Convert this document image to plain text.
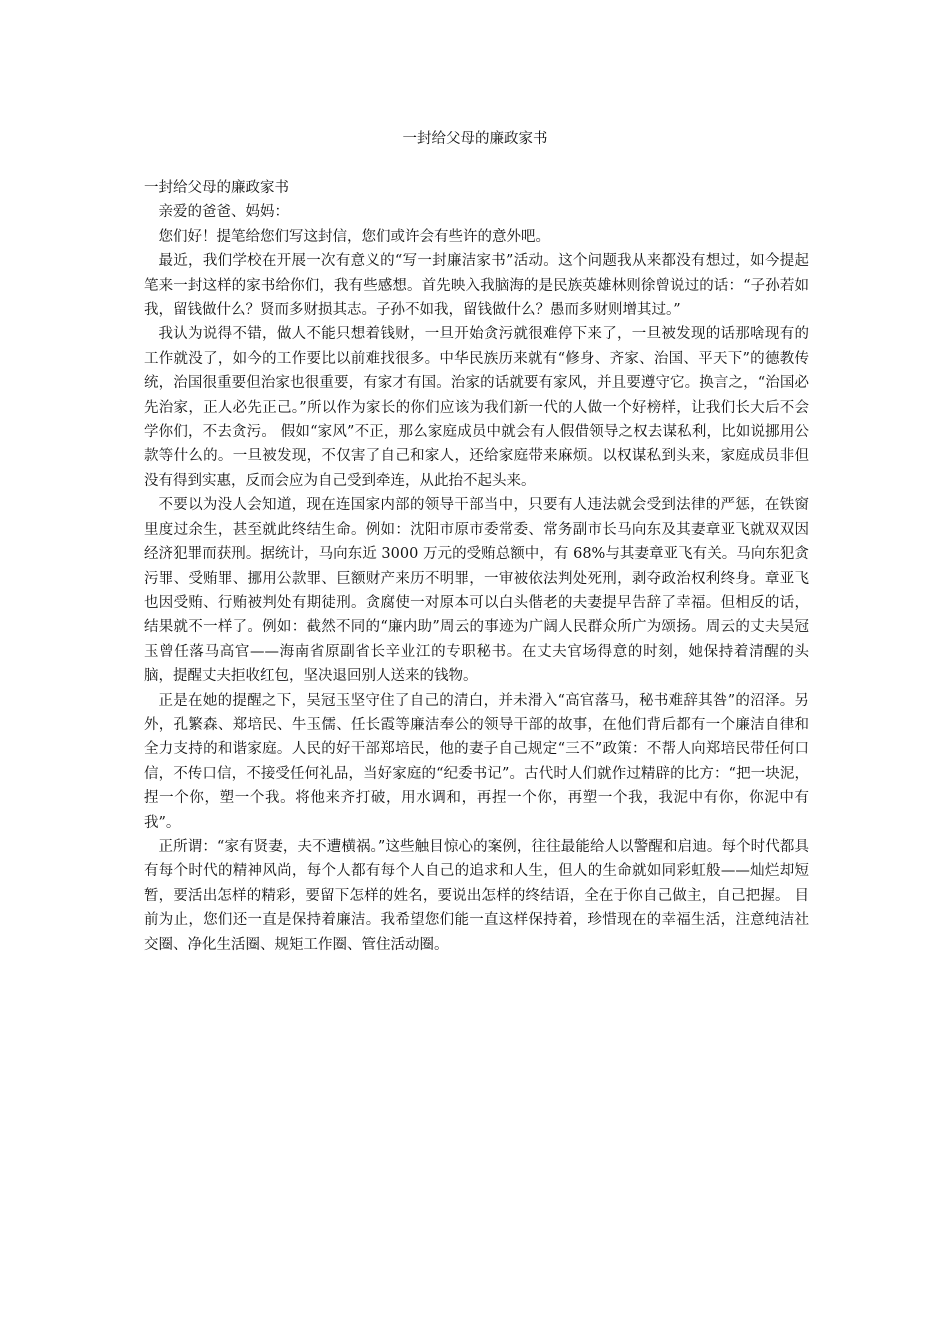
一封给父母的廉政家书

一封给父母的廉政家书

亲爱的爸爸、妈妈：

您们好！提笔给您们写这封信，您们或许会有些许的意外吧。

最近，我们学校在开展一次有意义的“写一封廉洁家书”活动。这个问题我从来都没有想过，如今提起笔来一封这样的家书给你们，我有些感想。首先映入我脑海的是民族英雄林则徐曾说过的话：“子孙若如我，留钱做什么？贤而多财损其志。子孙不如我，留钱做什么？愚而多财则增其过。”

我认为说得不错，做人不能只想着钱财，一旦开始贪污就很难停下来了，一旦被发现的话那啥现有的工作就没了，如今的工作要比以前难找很多。中华民族历来就有“修身、齐家、治国、平天下”的德教传统，治国很重要但治家也很重要，有家才有国。治家的话就要有家风，并且要遵守它。换言之，“治国必先治家，正人必先正己。”所以作为家长的你们应该为我们新一代的人做一个好榜样，让我们长大后不会学你们，不去贪污。 假如“家风”不正，那么家庭成员中就会有人假借领导之权去谋私利，比如说挪用公款等什么的。一旦被发现，不仅害了自己和家人，还给家庭带来麻烦。以权谋私到头来，家庭成员非但没有得到实惠，反而会应为自己受到牵连，从此抬不起头来。

不要以为没人会知道，现在连国家内部的领导干部当中，只要有人违法就会受到法律的严惩，在铁窗里度过余生，甚至就此终结生命。例如：沈阳市原市委常委、常务副市长马向东及其妻章亚飞就双双因经济犯罪而获刑。据统计，马向东近 3000 万元的受贿总额中，有 68%与其妻章亚飞有关。马向东犯贪污罪、受贿罪、挪用公款罪、巨额财产来历不明罪，一审被依法判处死刑，剥夺政治权利终身。章亚飞也因受贿、行贿被判处有期徒刑。贪腐使一对原本可以白头偕老的夫妻提早告辞了幸福。但相反的话，结果就不一样了。例如：截然不同的“廉内助”周云的事迹为广阔人民群众所广为颂扬。周云的丈夫吴冠玉曾任落马高官——海南省原副省长辛业江的专职秘书。在丈夫官场得意的时刻，她保持着清醒的头脑，提醒丈夫拒收红包，坚决退回别人送来的钱物。

正是在她的提醒之下，吴冠玉坚守住了自己的清白，并未滑入“高官落马，秘书难辞其咎”的沼泽。另外，孔繁森、郑培民、牛玉儒、任长霞等廉洁奉公的领导干部的故事，在他们背后都有一个廉洁自律和全力支持的和谐家庭。人民的好干部郑培民，他的妻子自己规定“三不”政策：不帮人向郑培民带任何口信，不传口信，不接受任何礼品，当好家庭的“纪委书记”。古代时人们就作过精辟的比方：“把一块泥，捏一个你，塑一个我。将他来齐打破，用水调和，再捏一个你，再塑一个我，我泥中有你，你泥中有我”。

正所谓：“家有贤妻，夫不遭横祸。”这些触目惊心的案例，往往最能给人以警醒和启迪。每个时代都具有每个时代的精神风尚，每个人都有每个人自己的追求和人生，但人的生命就如同彩虹般——灿烂却短暂，要活出怎样的精彩，要留下怎样的姓名，要说出怎样的终结语，全在于你自己做主，自己把握。 目前为止，您们还一直是保持着廉洁。我希望您们能一直这样保持着，珍惜现在的幸福生活，注意纯洁社交圈、净化生活圈、规矩工作圈、管住活动圈。
